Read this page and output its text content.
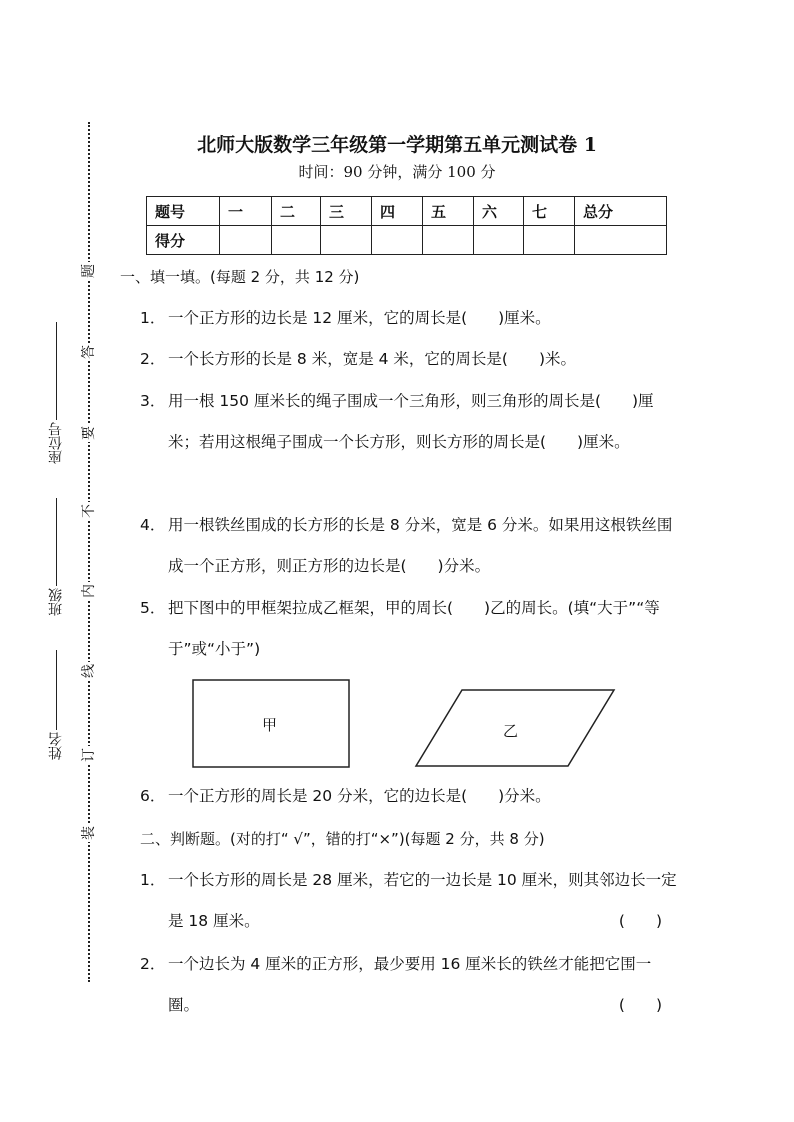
题
答
要
不
内
线
订
装
座位号
班级
姓名
北师大版数学三年级第一学期第五单元测试卷 1
时间：90 分钟，满分 100 分
题号	一	二	三	四	五	六	七	总分
得分								
一、填一填。(每题 2 分，共 12 分)
1． 一个正方形的边长是 12 厘米，它的周长是(　　)厘米。
2． 一个长方形的长是 8 米，宽是 4 米，它的周长是(　　)米。
3． 用一根 150 厘米长的绳子围成一个三角形，则三角形的周长是(　　)厘米；若用这根绳子围成一个长方形，则长方形的周长是(　　)厘米。
4． 用一根铁丝围成的长方形的长是 8 分米，宽是 6 分米。如果用这根铁丝围成一个正方形，则正方形的边长是(　　)分米。
5． 把下图中的甲框架拉成乙框架，甲的周长(　　)乙的周长。(填“大于”“等于”或“小于”)
甲	乙
6． 一个正方形的周长是 20 分米，它的边长是(　　)分米。
二、判断题。(对的打“ √”，错的打“×”)(每题 2 分，共 8 分)
1． 一个长方形的周长是 28 厘米，若它的一边长是 10 厘米，则其邻边长一定是 18 厘米。	(　　)
2． 一个边长为 4 厘米的正方形，最少要用 16 厘米长的铁丝才能把它围一圈。	(　　)
